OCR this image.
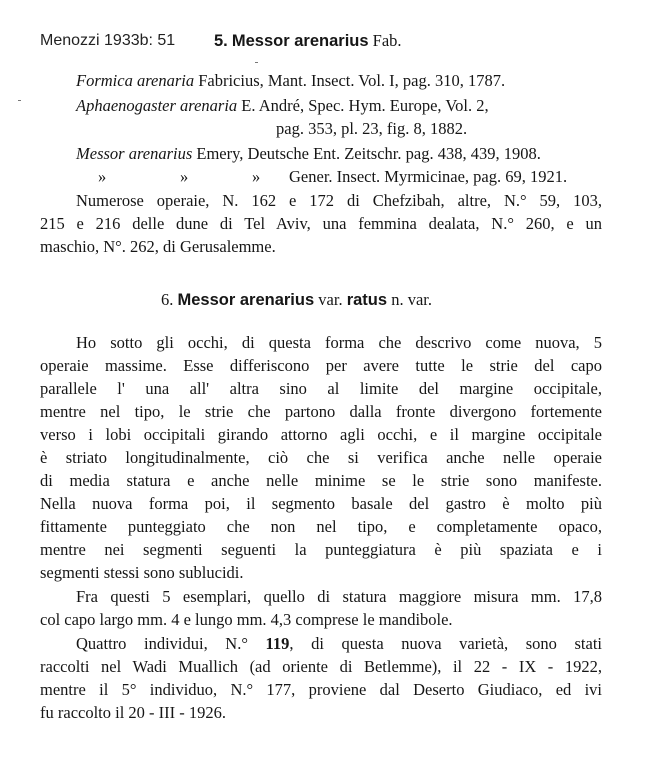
Menozzi 1933b: 51 5. Messor arenarius Fab.
Formica arenaria Fabricius, Mant. Insect. Vol. I, pag. 310, 1787.
Aphaenogaster arenaria E. André, Spec. Hym. Europe, Vol. 2,
pag. 353, pl. 23, fig. 8, 1882.
Messor arenarius Emery, Deutsche Ent. Zeitschr. pag. 438, 439, 1908.
»	»	» Gener. Insect. Myrmicinae, pag. 69, 1921.
Numerose operaie, N. 162 e 172 di Chefzibah, altre, N.° 59, 103,
215 e 216 delle dune di Tel Aviv, una femmina dealata, N.° 260, e un
maschio, N°. 262, di Gerusalemme.
6. Messor arenarius var. ratus n. var.
Ho sotto gli occhi, di questa forma che descrivo come nuova, 5
operaie massime. Esse differiscono per avere tutte le strie del capo
parallele l' una all' altra sino al limite del margine occipitale,
mentre nel tipo, le strie che partono dalla fronte divergono fortemente
verso i lobi occipitali girando attorno agli occhi, e il margine occipitale
è striato longitudinalmente, ciò che si verifica anche nelle operaie
di media statura e anche nelle minime se le strie sono manifeste.
Nella nuova forma poi, il segmento basale del gastro è molto più
fittamente punteggiato che non nel tipo, e completamente opaco,
mentre nei segmenti seguenti la punteggiatura è più spaziata e i
segmenti stessi sono sublucidi.
Fra questi 5 esemplari, quello di statura maggiore misura mm. 17,8
col capo largo mm. 4 e lungo mm. 4,3 comprese le mandibole.
Quattro individui, N.° 119, di questa nuova varietà, sono stati
raccolti nel Wadi Muallich (ad oriente di Betlemme), il 22 - IX - 1922,
mentre il 5° individuo, N.° 177, proviene dal Deserto Giudiaco, ed ivi
fu raccolto il 20 - III - 1926.
